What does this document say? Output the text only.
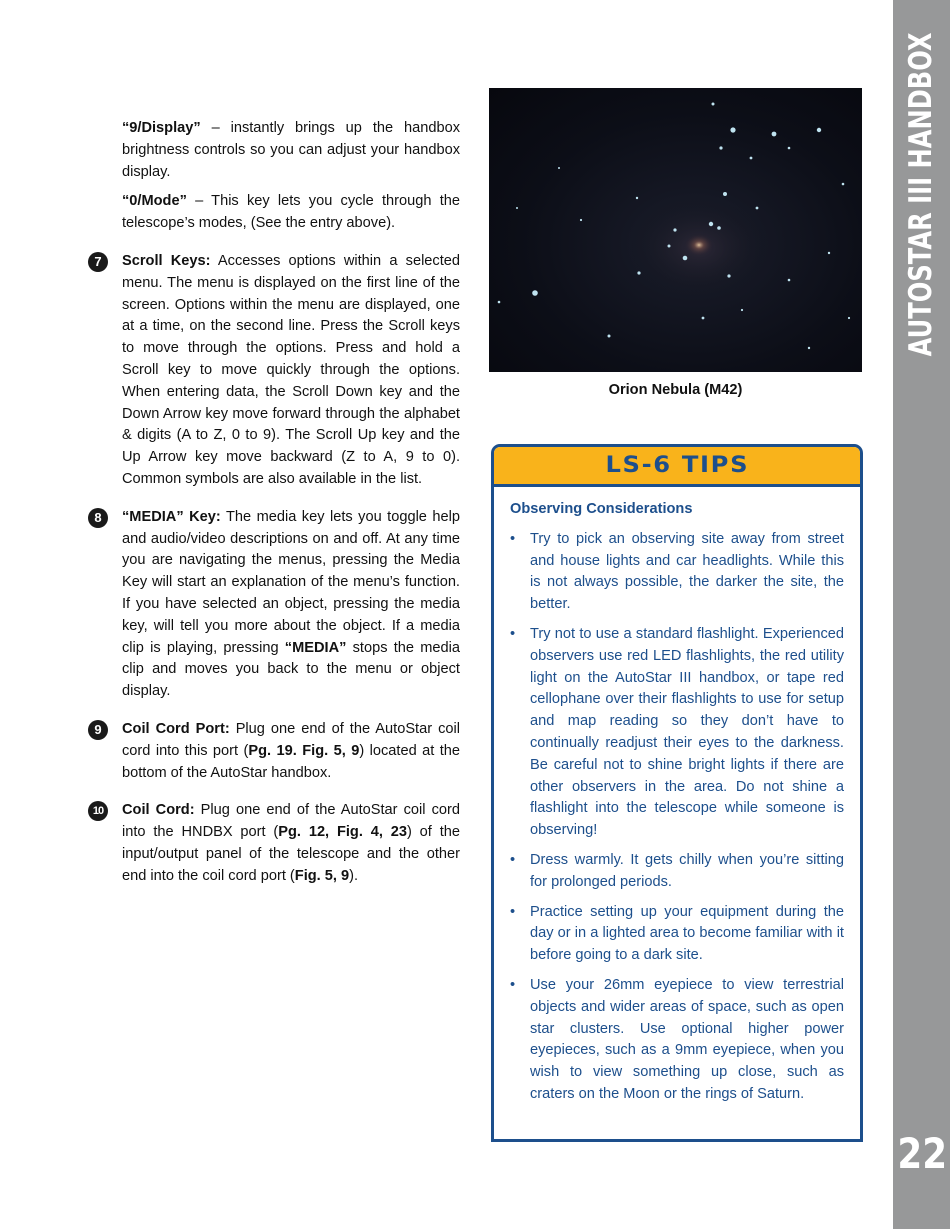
AUTOSTAR III HANDBOX
22

“9/Display” – instantly brings up the handbox brightness controls so you can adjust your handbox display.

“0/Mode” – This key lets you cycle through the telescope’s modes, (See the entry above).

7	Scroll Keys: Accesses options within a selected menu. The menu is displayed on the first line of the screen. Options within the menu are displayed, one at a time, on the second line. Press the Scroll keys to move through the options. Press and hold a Scroll key to move quickly through the options. When entering data, the Scroll Down key and the Down Arrow key move forward through the alphabet & digits (A to Z, 0 to 9). The Scroll Up key and the Up Arrow key move backward (Z to A, 9 to 0). Common symbols are also available in the list.
8	“MEDIA” Key: The media key lets you toggle help and audio/video descriptions on and off. At any time you are navigating the menus, pressing the Media Key will start an explanation of the menu’s function. If you have selected an object, pressing the media key, will tell you more about the object. If a media clip is playing, pressing “MEDIA” stops the media clip and moves you back to the menu or object display.
9	Coil Cord Port: Plug one end of the AutoStar coil cord into this port (Pg. 19. Fig. 5, 9) located at the bottom of the AutoStar handbox.
10	Coil Cord: Plug one end of the AutoStar coil cord into the HNDBX port (Pg. 12, Fig. 4, 23) of the input/output panel of the telescope and the other end into the coil cord port (Fig. 5, 9).
Orion Nebula (M42)
LS-6 TIPS
Observing Considerations
• Try to pick an observing site away from street and house lights and car headlights. While this is not always possible, the darker the site, the better.
• Try not to use a standard flashlight. Experienced observers use red LED flashlights, the red utility light on the AutoStar III handbox, or tape red cellophane over their flashlights to use for setup and map reading so they don’t have to continually readjust their eyes to the darkness. Be careful not to shine bright lights if there are other observers in the area. Do not shine a flashlight into the telescope while someone is observing!
• Dress warmly. It gets chilly when you’re sitting for prolonged periods.
• Practice setting up your equipment during the day or in a lighted area to become familiar with it before going to a dark site.
• Use your 26mm eyepiece to view terrestrial objects and wider areas of space, such as open star clusters. Use optional higher power eyepieces, such as a 9mm eyepiece, when you wish to view something up close, such as craters on the Moon or the rings of Saturn.
